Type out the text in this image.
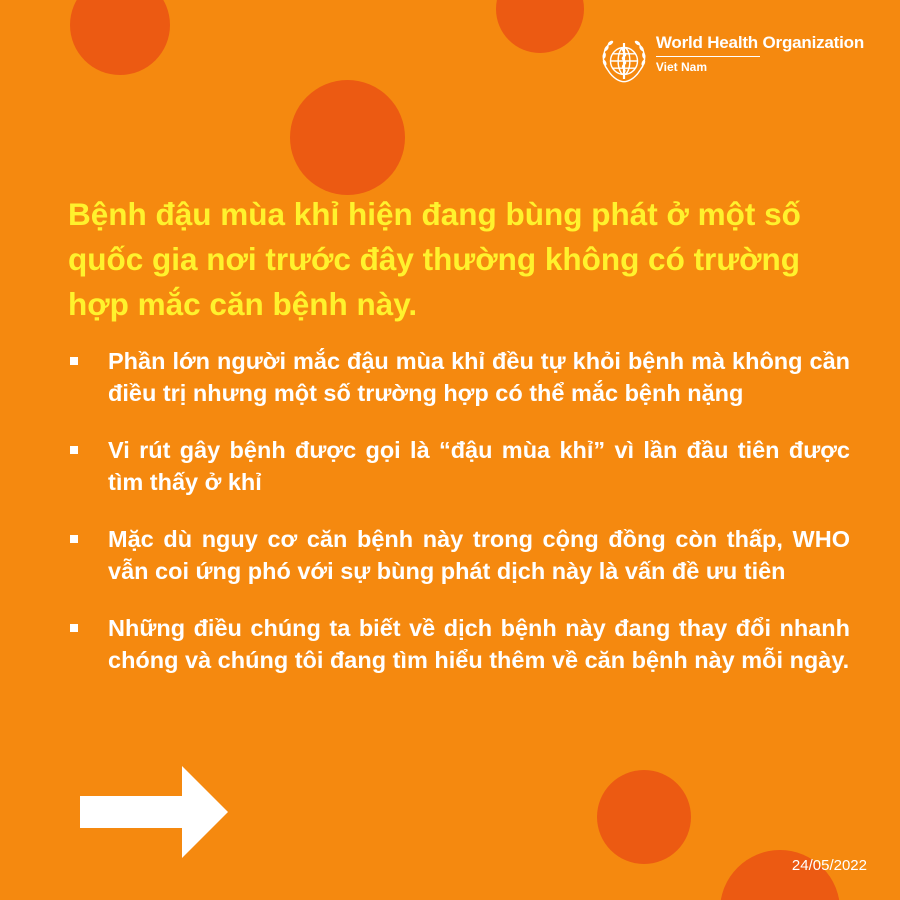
World Health Organization
Viet Nam
Bệnh đậu mùa khỉ hiện đang bùng phát ở một số quốc gia nơi trước đây thường không có trường hợp mắc căn bệnh này.
Phần lớn người mắc đậu mùa khỉ đều tự khỏi bệnh mà không cần điều trị nhưng một số trường hợp có thể mắc bệnh nặng
Vi rút gây bệnh được gọi là “đậu mùa khỉ” vì lần đầu tiên được tìm thấy ở khỉ
Mặc dù nguy cơ căn bệnh này trong cộng đồng còn thấp, WHO vẫn coi ứng phó với sự bùng phát dịch này là vấn đề ưu tiên
Những điều chúng ta biết về dịch bệnh này đang thay đổi nhanh chóng và chúng tôi đang tìm hiểu thêm về căn bệnh này mỗi ngày.
24/05/2022
